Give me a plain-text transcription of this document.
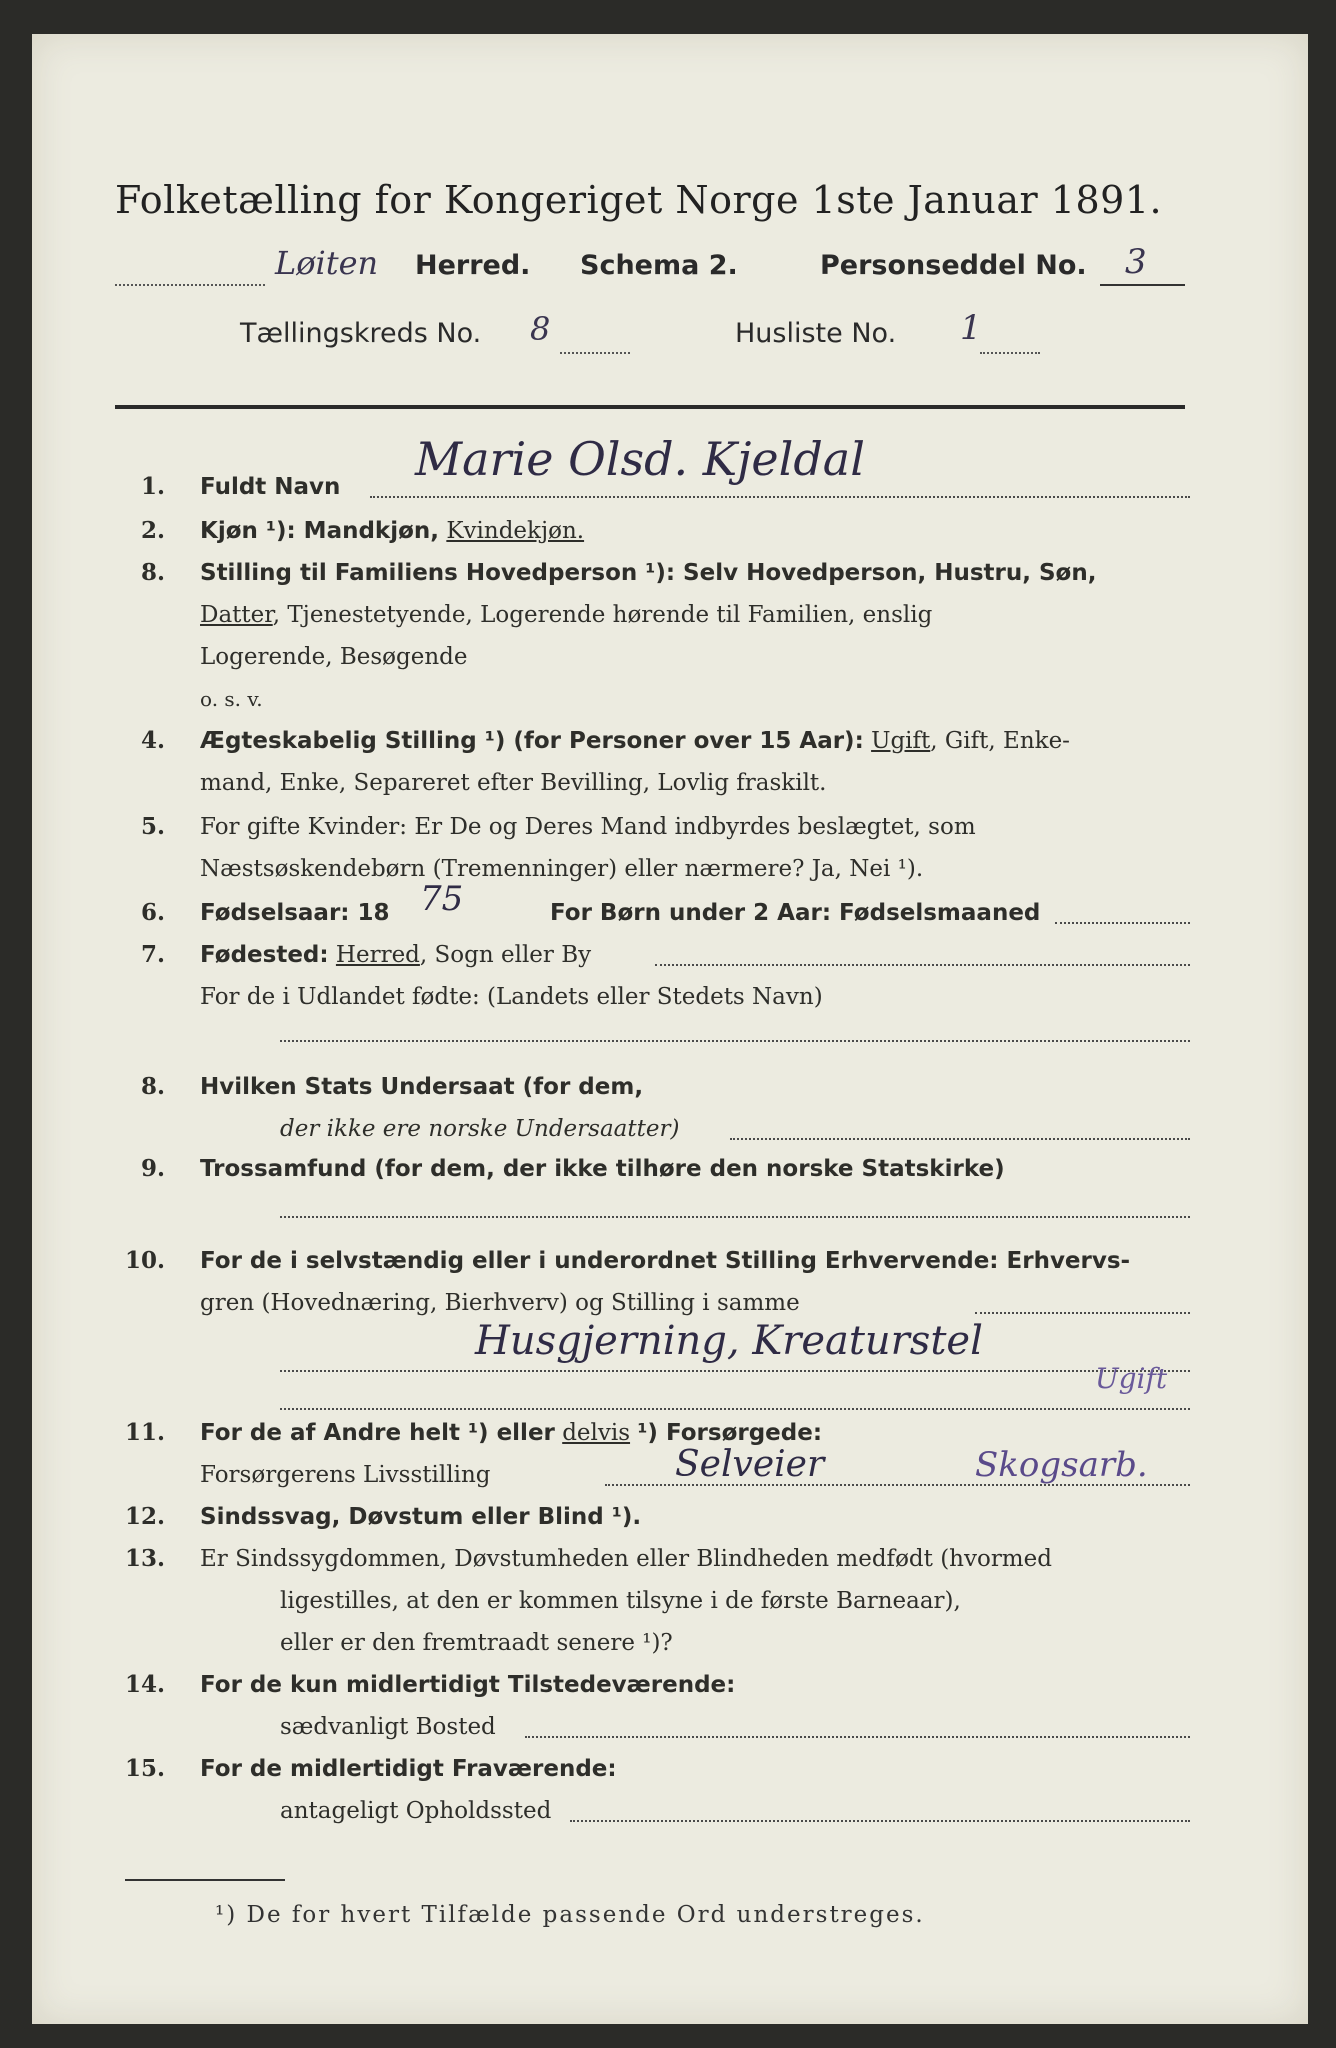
Folketælling for Kongeriget Norge 1ste Januar 1891.
Løiten Herred. Schema 2.	Personseddel No. 3
Tællingskreds No. 8	Husliste No. 1
1. Fuldt Navn
Marie Olsd. Kjeldal
2. Kjøn ¹): Mandkjøn, Kvindekjøn.
8. Stilling til Familiens Hovedperson ¹): Selv Hovedperson, Hustru, Søn,
Datter, Tjenestetyende, Logerende hørende til Familien, enslig
Logerende, Besøgende
o. s. v.
4. Ægteskabelig Stilling ¹) (for Personer over 15 Aar): Ugift, Gift, Enke-
mand, Enke, Separeret efter Bevilling, Lovlig fraskilt.
5. For gifte Kvinder: Er De og Deres Mand indbyrdes beslægtet, som
Næstsøskendebørn (Tremenninger) eller nærmere? Ja, Nei ¹).
6. Fødselsaar: 18 75	For Børn under 2 Aar: Fødselsmaaned
7. Fødested: Herred, Sogn eller By
For de i Udlandet fødte: (Landets eller Stedets Navn)
8. Hvilken Stats Undersaat (for dem,
der ikke ere norske Undersaatter)
9. Trossamfund (for dem, der ikke tilhøre den norske Statskirke)
10. For de i selvstændig eller i underordnet Stilling Erhvervende: Erhvervs-
gren (Hovednæring, Bierhverv) og Stilling i samme
Husgjerning, Kreaturstel
Ugift
11. For de af Andre helt ¹) eller delvis ¹) Forsørgede:
Forsørgerens Livsstilling	Selveier	Skogsarb.
12. Sindssvag, Døvstum eller Blind ¹).
13. Er Sindssygdommen, Døvstumheden eller Blindheden medfødt (hvormed
ligestilles, at den er kommen tilsyne i de første Barneaar),
eller er den fremtraadt senere ¹)?
14. For de kun midlertidigt Tilstedeværende:
sædvanligt Bosted
15. For de midlertidigt Fraværende:
antageligt Opholdssted
¹) De for hvert Tilfælde passende Ord understreges.
